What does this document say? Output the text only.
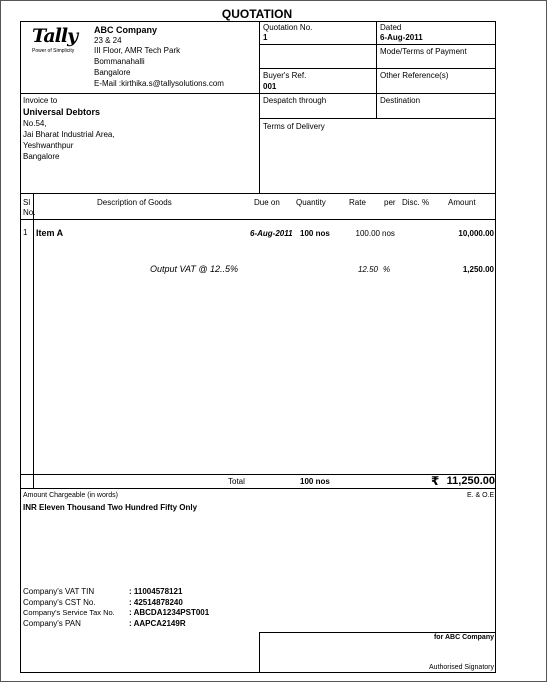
QUOTATION
Tally
Power of Simplicity
ABC Company
23 & 24
III Floor, AMR Tech Park
Bommanahalli
Bangalore
E-Mail :kirthika.s@tallysolutions.com
Quotation No.
1
Dated
6-Aug-2011
Mode/Terms of Payment
Buyer's Ref.
001
Other Reference(s)
Despatch through	Destination
Terms of Delivery
Invoice to
Universal Debtors
No.54,
Jai Bharat Industrial Area,
Yeshwanthpur
Bangalore
Sl
No.
Description of Goods	Due on Quantity	Rate per Disc. % Amount
1 Item A	6-Aug-2011 100 nos	100.00 nos	10,000.00
Output VAT @ 12..5%	12.50 %	1,250.00
Total	100 nos	₹ 11,250.00
Amount Chargeable (in words)	E. & O.E
INR Eleven Thousand Two Hundred Fifty Only
Company's VAT TIN	: 11004578121
Company's CST No.	: 42514878240
Company's Service Tax No. : ABCDA1234PST001
Company's PAN	: AAPCA2149R
for ABC Company
Authorised Signatory
